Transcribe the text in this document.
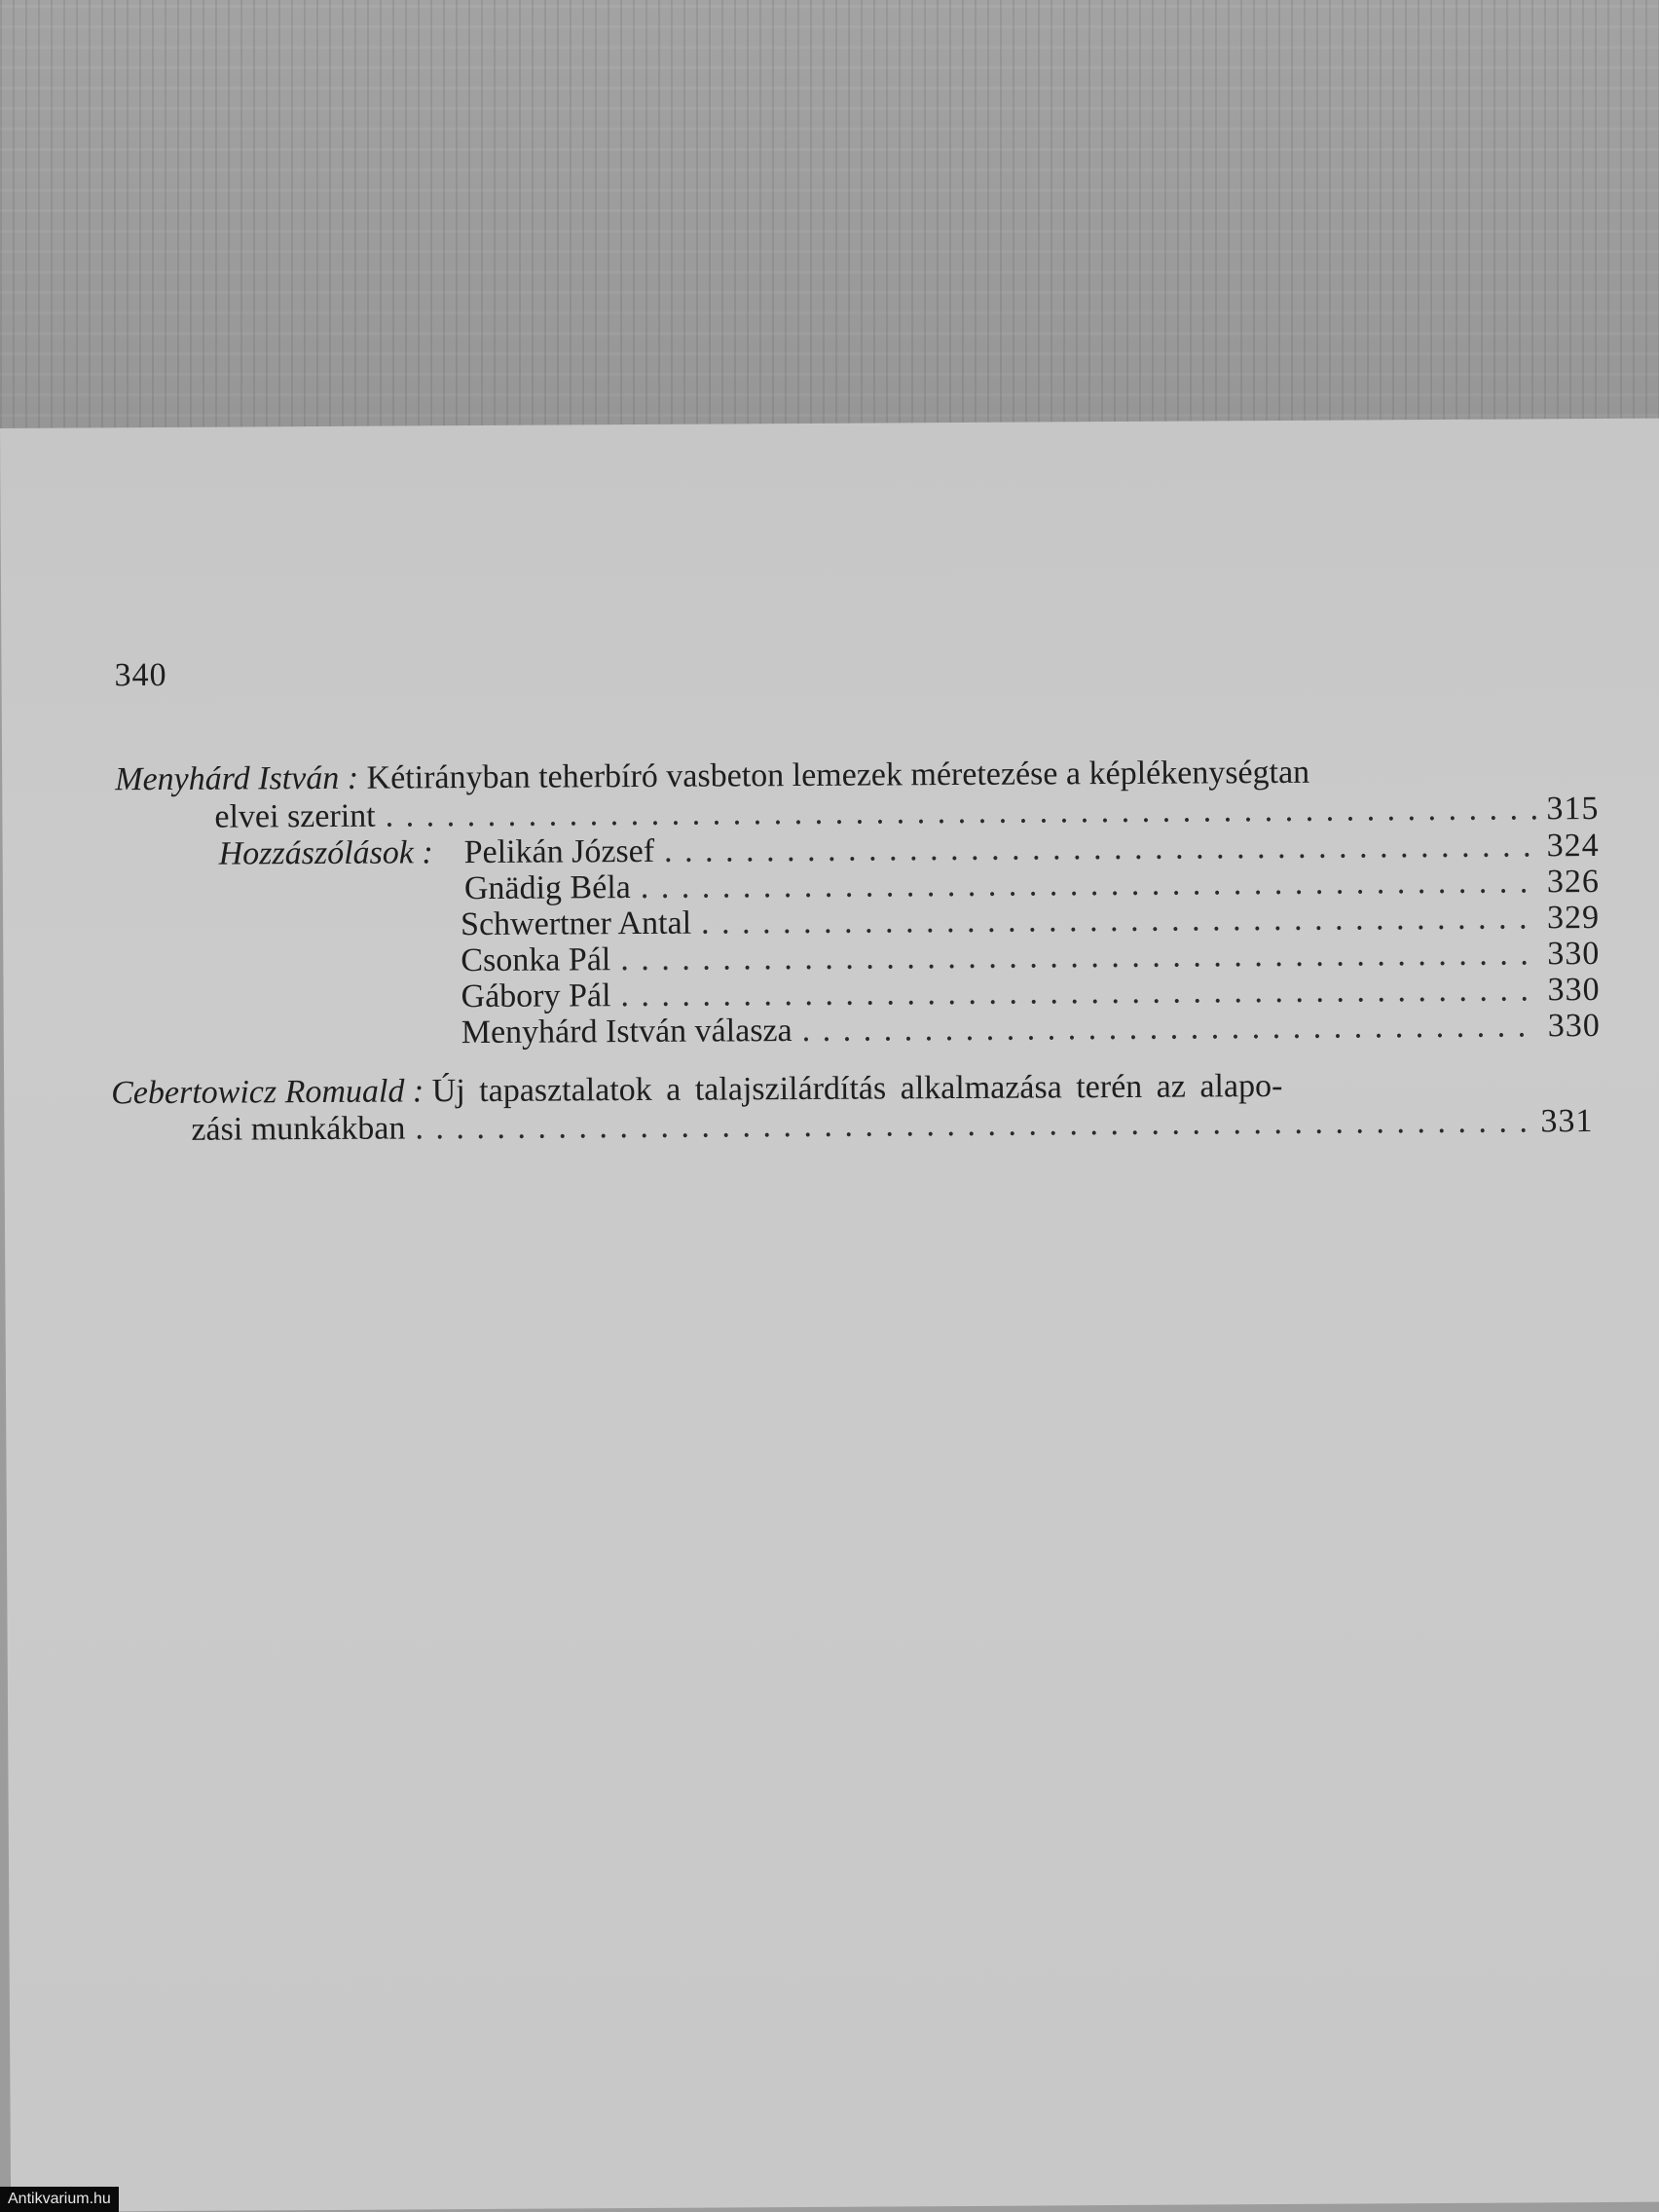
340
Menyhárd István : Kétirányban teherbíró vasbeton lemezek méretezése a képlékenységtan
elvei szerint . . .	315
Hozzászólások : Pelikán József . . .	324
Gnädig Béla . . .	326
Schwertner Antal . . .	329
Csonka Pál . . .	330
Gábory Pál . . .	330
Menyhárd István válasza . . .	330
Cebertowicz Romuald : Új tapasztalatok a talajszilárdítás alkalmazása terén az alapo-
zási munkákban . . .	331
Antikvarium.hu
